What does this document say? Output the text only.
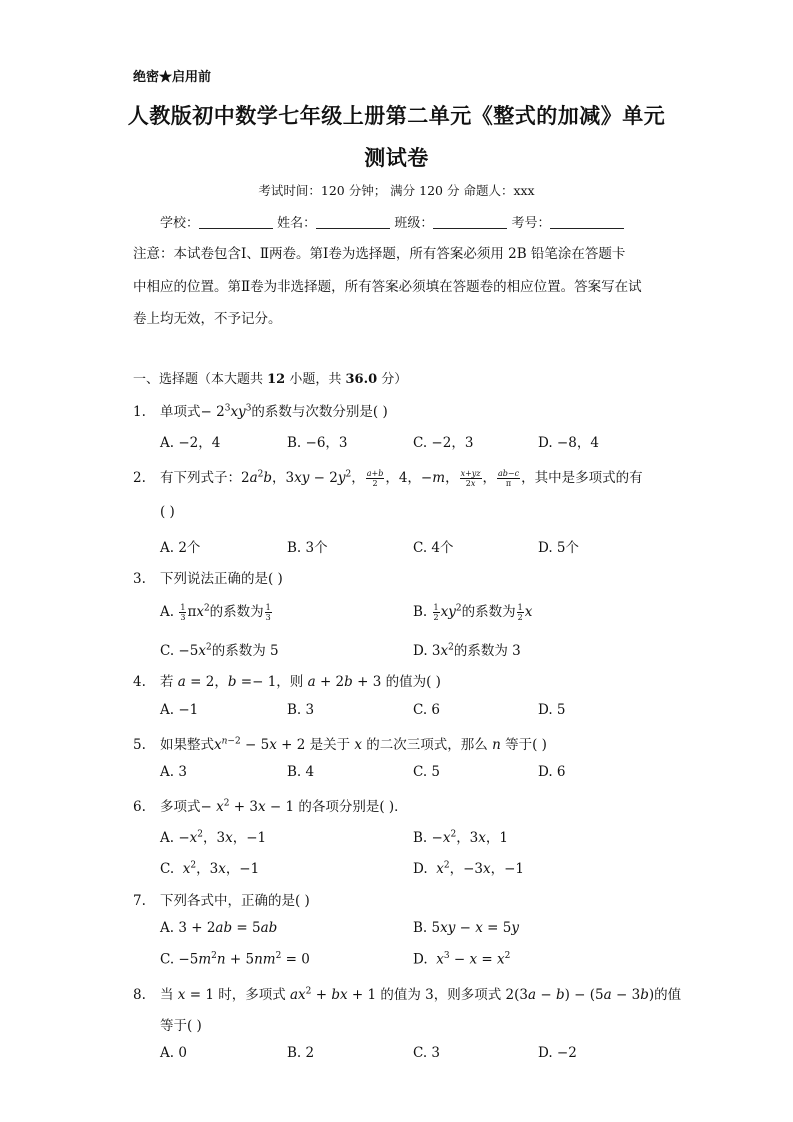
绝密★启用前
人教版初中数学七年级上册第二单元《整式的加减》单元
测试卷
考试时间：120 分钟； 满分 120 分 命题人：xxx
学校：	姓名：	班级：	考号：
注意：本试卷包含Ⅰ、Ⅱ两卷。第Ⅰ卷为选择题，所有答案必须用 2B 铅笔涂在答题卡
中相应的位置。第Ⅱ卷为非选择题，所有答案必须填在答题卷的相应位置。答案写在试
卷上均无效，不予记分。
一、选择题（本大题共 12 小题，共 36.0 分）
1. 单项式− $2^3xy^3$的系数与次数分别是( )
A. −2，4	B. −6，3	C. −2，3	D. −8，4
2. 有下列式子：$2a^2b$，$3xy - 2y^2$， $\frac{a+b}{2}$ ，4，−m， $\frac{x+yz}{2x}$ ， $\frac{ab-c}{\pi}$ ，其中是多项式的有
( )
A. 2个	B. 3个	C. 4个	D. 5个
3. 下列说法正确的是( )
A. $\frac{1}{3} \pi x^2$的系数为 $\frac{1}{3}$	B. $\frac{1}{2} xy^2$的系数为 $\frac{1}{2}$ x
C. $-5x^2$的系数为 5	D. $3x^2$的系数为 3
4. 若 a = 2，b =− 1，则 a + 2b + 3 的值为( )
A. −1	B. 3	C. 6	D. 5
5. 如果整式$x^{n-2} - 5x + 2$ 是关于 x 的二次三项式，那么 n 等于( )
A. 3	B. 4	C. 5	D. 6
6. 多项式− $x^2 + 3x - 1$ 的各项分别是( )．
A. $-x^2$，3x，−1	B. $-x^2$，3x，1
C. $x^2$，3x，−1	D. $x^2$，−3x，−1
7. 下列各式中，正确的是( )
A. 3 + 2ab = 5ab	B. 5xy − x = 5y
C. $-5m^2n + 5nm^2 = 0$	D. $x^3 - x = x^2$
8. 当 x = 1 时，多项式 $ax^2$ + bx + 1 的值为 3，则多项式 2(3a − b) − (5a − 3b)的值
等于( )
A. 0	B. 2	C. 3	D. −2
